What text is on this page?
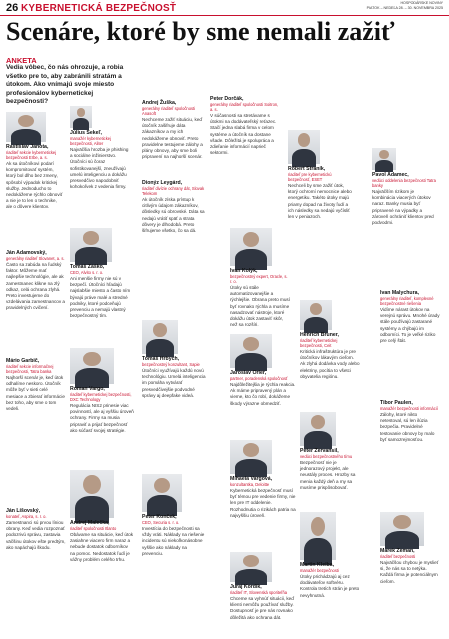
26 KYBERNETICKÁ BEZPEČNOSŤ	HOSPODÁRSKE NOVINY
PIATOK – NEDEĽA 28. – 30. NOVEMBRA 2025
Scenáre, ktoré by sme nemali zažiť
ANKETA
Vedia vôbec, čo nás ohrozuje, a robia všetko pre to, aby zabránili stratám a útokom. Ako vnímajú svoje miesto profesionálov kybernetickej bezpečnosti?
Rastislav Janota,
riaditeľ sekcie kybernetickej bezpečnosti Erbe, a. s.
Ak sa útočníkovi podarí kompromitovať systém, ktorý bol dlho bez zmeny, spôsobí výpadok kritickej služby. Jednoducho to nedokážeme rýchlo obnoviť a nie je to len o technike, ale o dôvere klientov.
Július Sekeľ,
manažér kybernetickej bezpečnosti, Aliter
Najväčšia hrozba je phishing a sociálne inžinierstvo. Útočníci sú čoraz sofistikovanejší, zneužívajú umelú inteligenciu a dokážu presvedčivo napodobniť kohokoľvek z vedenia firmy.
Andrej Žuška,
generálny riaditeľ spoločnosti Anasoft
Nechceme zažiť situáciu, keď útočník zašifruje dáta zákazníkov a my ich nedokážeme obnoviť. Preto pravidelne testujeme zálohy a plány obnovy, aby sme boli pripravení na najhorší scenár.
Peter Dorčák,
generálny riaditeľ spoločnosti Soitron, a. s.
V súčasnosti sa stretávame s útokmi na dodávateľský reťazec. Stačí jedna slabá firma v celom systéme a útočník sa dostane všade. Dôležitá je spolupráca a zdieľanie informácií naprieč sektormi.
Róbert Straník,
riaditeľ pre kybernetickú bezpečnosť, ESET
Nechceli by sme zažiť útok, ktorý ochromí nemocnice alebo energetiku. Takéto útoky majú priamy dopad na životy ľudí a ich následky sa nedajú vyčísliť len v peniazoch.
Pavol Adamec,
vedúci oddelenia bezpečnosti Tatra banky
Najväčším rizikom je kombinácia viacerých útokov naraz. Banky musia byť pripravené na výpadky a zároveň ochrániť klientov pred podvodmi.
Ján Adamovský,
generálny riaditeľ Slovanet, a. s.
Často sa zabúda na ľudský faktor. Môžeme mať najlepšie technológie, ale ak zamestnanec klikne na zlý odkaz, celá ochrana zlyhá. Preto investujeme do vzdelávania zamestnancov a pravidelných cvičení.
Tomáš Záško,
CEO, Alvito s. r. o.
Ani menšie firmy nie sú v bezpečí. Útočníci hľadajú najslabšie miesto a často ním bývajú práve malé a stredné podniky, ktoré podceňujú prevenciu a nemajú vlastný bezpečnostný tím.
Dionýz Leygárd,
riaditeľ divízie ochrany dát, Slovak Telekom
Ak útočník získa prístup k citlivým údajom zákazníkov, dôsledky sú obrovské. Dáta sa nedajú vrátiť späť a strata dôvery je dlhodobá. Preto šifrujeme všetko, čo sa dá.
Ivan Kolýk,
bezpečnostný expert, Oracle, s. r. o.
Útoky sú stále automatizovanejšie a rýchlejšie. Obrana preto musí byť rovnako rýchla a musíme nasadzovať nástroje, ktoré dokážu útok zastaviť skôr, než sa rozšíri.
Henrich Bruner,
riaditeľ kybernetickej bezpečnosti, Ceit
Kritická infraštruktúra je pre útočníkov lákavým cieľom. Ak zlyhá dodávka vody alebo elektriny, pocítia to všetci obyvatelia regiónu.
Ivan Malychura,
generálny riaditeľ, komplexné bezpečnostné riešenia
Vidíme nárast útokov na verejnú správu. Mnohé úrady stále používajú zastarané systémy a chýbajú im odborníci. To je veľké riziko pre celý štát.
Mário Garbič,
riaditeľ sekcie informačnej bezpečnosti, Tatra banka
Najhorší scenár je, keď útok odhalíme neskoro. Útočník môže byť v sieti celé mesiace a zbierať informácie bez toho, aby sme o tom vedeli.
Roman Vargo,
riaditeľ kybernetickej bezpečnosti, DXC Technology
Regulácia NIS2 prinesie viac povinností, ale aj vyššiu úroveň ochrany. Firmy sa musia pripraviť a prijať bezpečnosť ako súčasť svojej stratégie.
Tomáš Hrbych,
bezpečnostný konzultant, Sapie
Útočníci využívajú každú novú technológiu. Umelá inteligencia im pomáha vytvárať presvedčivejšie podvodné správy aj deepfake videá.
Jaroslav Orler,
partner, poradenská spoločnosť
Najdôležitejšia je rýchla reakcia. Ak máme pripravený plán a vieme, kto čo robí, dokážeme škody výrazne obmedziť.
Peter Zervansil,
vedúci bezpečnostného tímu
Bezpečnosť nie je jednorazový projekt, ale neustály proces. Hrozby sa menia každý deň a my sa musíme prispôsobovať.
Tibor Paulen,
manažér bezpečnosti informácií
Zálohy, ktoré nikto netestoval, sú len ilúzia bezpečia. Pravidelné testovanie obnovy by malo byť samozrejmosťou.
Ján Líšovský,
konateľ, Aspira, s. r. o.
Zamestnanci sú prvou líniou obrany. Keď vedia rozpoznať podozrivú správu, zastavia väčšinu útokov ešte predtým, ako napáchajú škodu.
Andrej Malečka,
riaditeľ spoločnosti Itlanto
Obávame sa situácie, keď útok zasiahne viacero firm naraz a nebude dostatok odborníkov na pomoc. Nedostatok ľudí je vážny problém celého trhu.
Peter Konček,
CEO, Securia s. r. o.
Investícia do bezpečnosti sa vždy vráti. Náklady na riešenie incidentu sú niekoľkonásobne vyššie ako náklady na prevenciu.
Mihaela Vargová,
konzultantka, Deloitte
Kybernetická bezpečnosť musí byť témou pre vedenie firmy, nie len pre IT oddelenie. Rozhodnutia o rizikách patria na najvyššiu úroveň.
Juraj Kordik,
riaditeľ IT, Slovenská sporiteľňa
Chceme sa vyhnúť situácii, keď klienti nemôžu používať služby. Dostupnosť je pre nás rovnako dôležitá ako ochrana dát.
Martin Kleiba,
manažér bezpečnosti
Útoky prichádzajú aj cez dodávateľov softvéru. Kontrola tretích strán je preto nevyhnutná.
Marek Zeman,
riaditeľ bezpečnosti
Najväčšou chybou je myslieť si, že nás sa to netýka. Každá firma je potenciálnym cieľom.
